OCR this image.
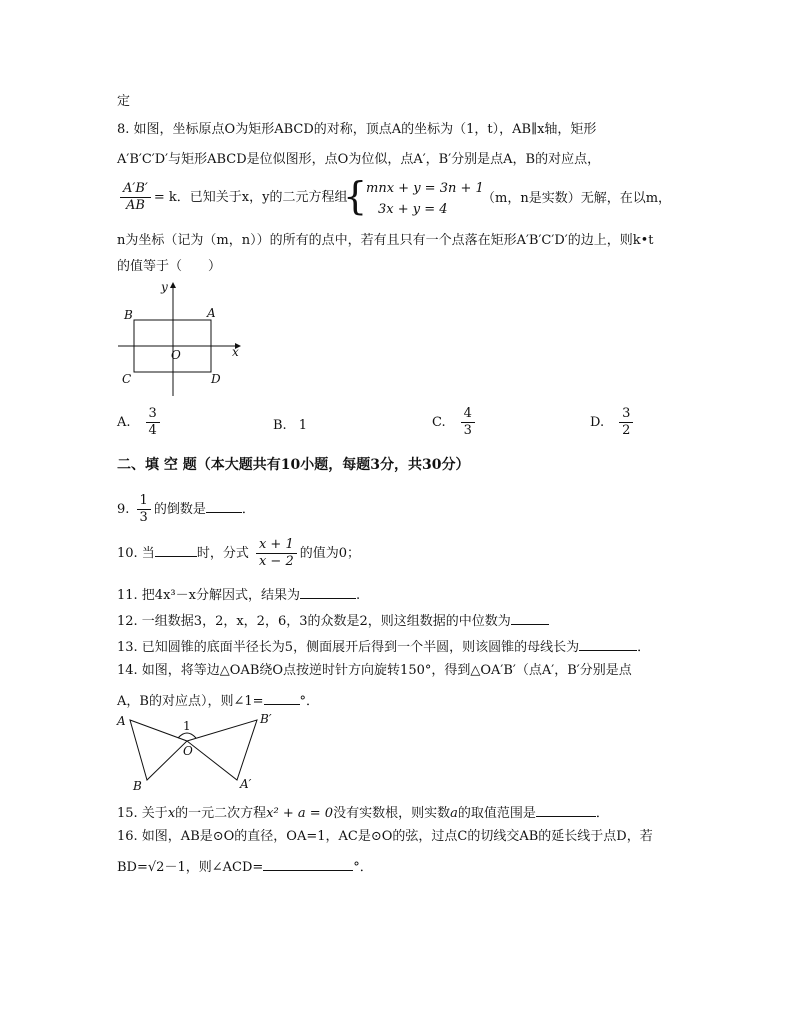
定
8. 如图，坐标原点O为矩形ABCD的对称，顶点A的坐标为（1，t），AB∥x轴，矩形
A′B′C′D′与矩形ABCD是位似图形，点O为位似，点A′，B′分别是点A，B的对应点，
$\frac{A'B'}{AB} = k$．已知关于x，y的二元方程组
{
mnx + y = 3n + 1
3x + y = 4
（m，n是实数）无解，在以m，
n为坐标（记为（m，n））的所有的点中，若有且只有一个点落在矩形A′B′C′D′的边上，则k•t
的值等于（　　）
y
x
A
B
C	D
O
A. $\frac{3}{4}$	B. 1	C. $\frac{4}{3}$	D. $\frac{3}{2}$
二、填 空 题（本大题共有10小题，每题3分，共30分）
9. $\frac{1}{3}$ 的倒数是	．
10. 当	时，分式 $\frac{x + 1}{x - 2}$ 的值为0；
11. 把4x³－x分解因式，结果为	.
12. 一组数据3，2，x，2，6，3的众数是2，则这组数据的中位数为
13. 已知圆锥的底面半径长为5，侧面展开后得到一个半圆，则该圆锥的母线长为	．
14. 如图，将等边△OAB绕O点按逆时针方向旋转150°，得到△OA′B′（点A′，B′分别是点
A，B的对应点），则∠1=	°．
A
B
O
1	B′
A′
15. 关于x的一元二次方程x² + a = 0没有实数根，则实数a的取值范围是	．
16. 如图，AB是⊙O的直径，OA=1，AC是⊙O的弦，过点C的切线交AB的延长线于点D，若
BD=√2－1，则∠ACD=	°．
